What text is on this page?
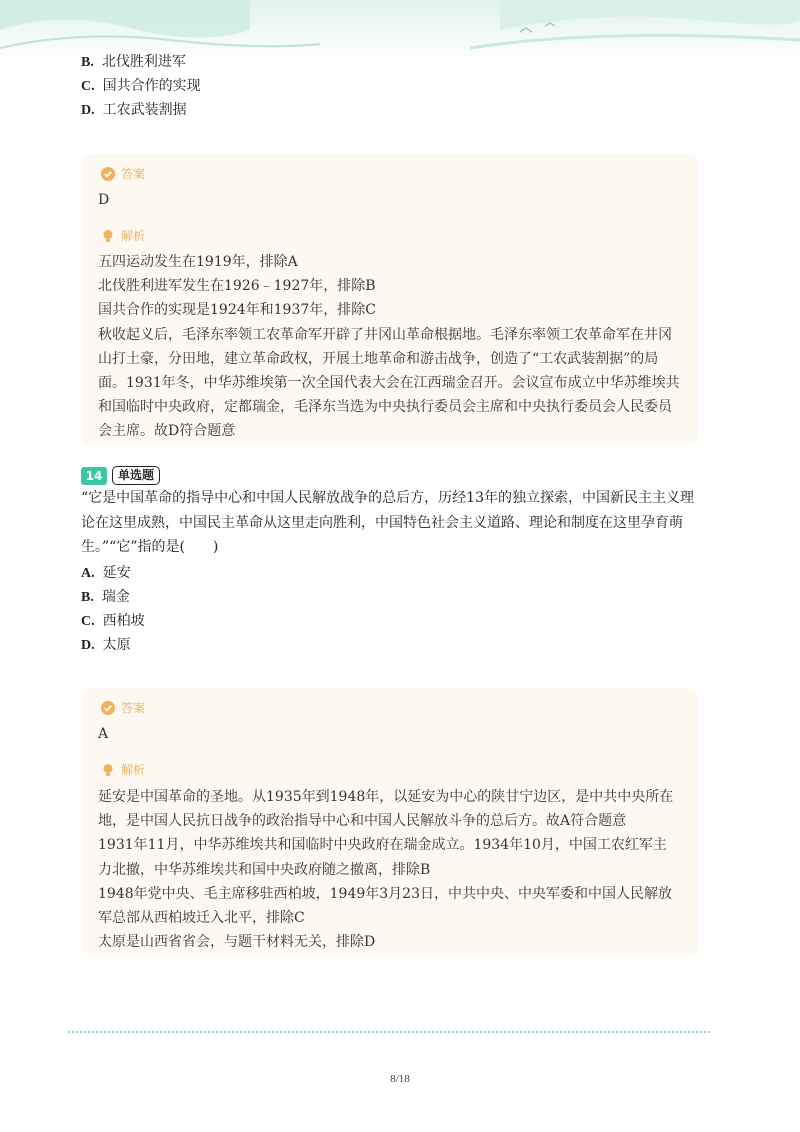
B. 北伐胜利进军
C. 国共合作的实现
D. 工农武装割据
答案
D
解析

五四运动发生在1919年，排除A

北伐胜利进军发生在1926﹣1927年，排除B

国共合作的实现是1924年和1937年，排除C

秋收起义后，毛泽东率领工农革命军开辟了井冈山革命根据地。毛泽东率领工农革命军在井冈山打土豪，分田地，建立革命政权，开展土地革命和游击战争，创造了“工农武装割据”的局面。1931年冬，中华苏维埃第一次全国代表大会在江西瑞金召开。会议宣布成立中华苏维埃共和国临时中央政府，定都瑞金，毛泽东当选为中央执行委员会主席和中央执行委员会人民委员会主席。故D符合题意

14	单选题
“它是中国革命的指导中心和中国人民解放战争的总后方，历经13年的独立探索，中国新民主主义理论在这里成熟，中国民主革命从这里走向胜利，中国特色社会主义道路、理论和制度在这里孕育萌生。”“它”指的是(　　)
A. 延安
B. 瑞金
C. 西柏坡
D. 太原
答案
A
解析

延安是中国革命的圣地。从1935年到1948年，以延安为中心的陕甘宁边区，是中共中央所在地，是中国人民抗日战争的政治指导中心和中国人民解放斗争的总后方。故A符合题意

1931年11月，中华苏维埃共和国临时中央政府在瑞金成立。1934年10月，中国工农红军主力北撤，中华苏维埃共和国中央政府随之撤离，排除B

1948年党中央、毛主席移驻西柏坡，1949年3月23日，中共中央、中央军委和中国人民解放军总部从西柏坡迁入北平，排除C

太原是山西省省会，与题干材料无关，排除D

8/18
